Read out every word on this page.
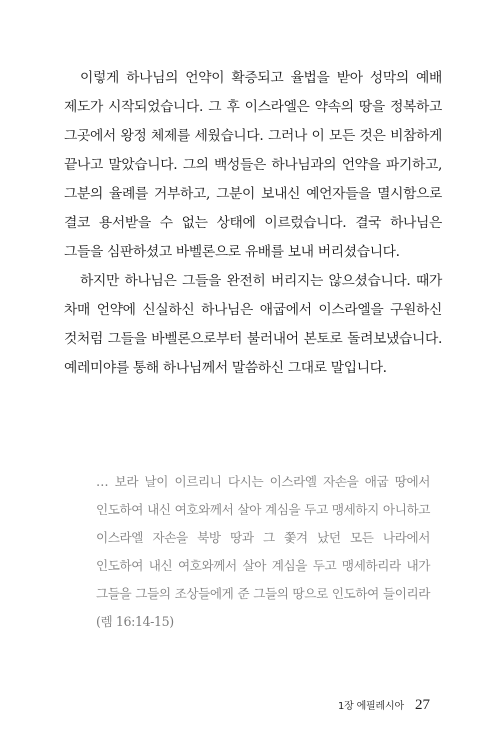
이렇게 하나님의 언약이 확증되고 율법을 받아 성막의 예배 제도가 시작되었습니다. 그 후 이스라엘은 약속의 땅을 정복하고 그곳에서 왕정 체제를 세웠습니다. 그러나 이 모든 것은 비참하게 끝나고 말았습니다. 그의 백성들은 하나님과의 언약을 파기하고, 그분의 율례를 거부하고, 그분이 보내신 예언자들을 멸시함으로 결코 용서받을 수 없는 상태에 이르렀습니다. 결국 하나님은 그들을 심판하셨고 바벨론으로 유배를 보내 버리셨습니다.

하지만 하나님은 그들을 완전히 버리지는 않으셨습니다. 때가 차매 언약에 신실하신 하나님은 애굽에서 이스라엘을 구원하신 것처럼 그들을 바벨론으로부터 불러내어 본토로 돌려보냈습니다. 예레미야를 통해 하나님께서 말씀하신 그대로 말입니다.

… 보라 날이 이르리니 다시는 이스라엘 자손을 애굽 땅에서 인도하여 내신 여호와께서 살아 계심을 두고 맹세하지 아니하고 이스라엘 자손을 북방 땅과 그 쫓겨 났던 모든 나라에서 인도하여 내신 여호와께서 살아 계심을 두고 맹세하리라 내가 그들을 그들의 조상들에게 준 그들의 땅으로 인도하여 들이리라 (렘 16:14-15)

1장 에필레시아 27
